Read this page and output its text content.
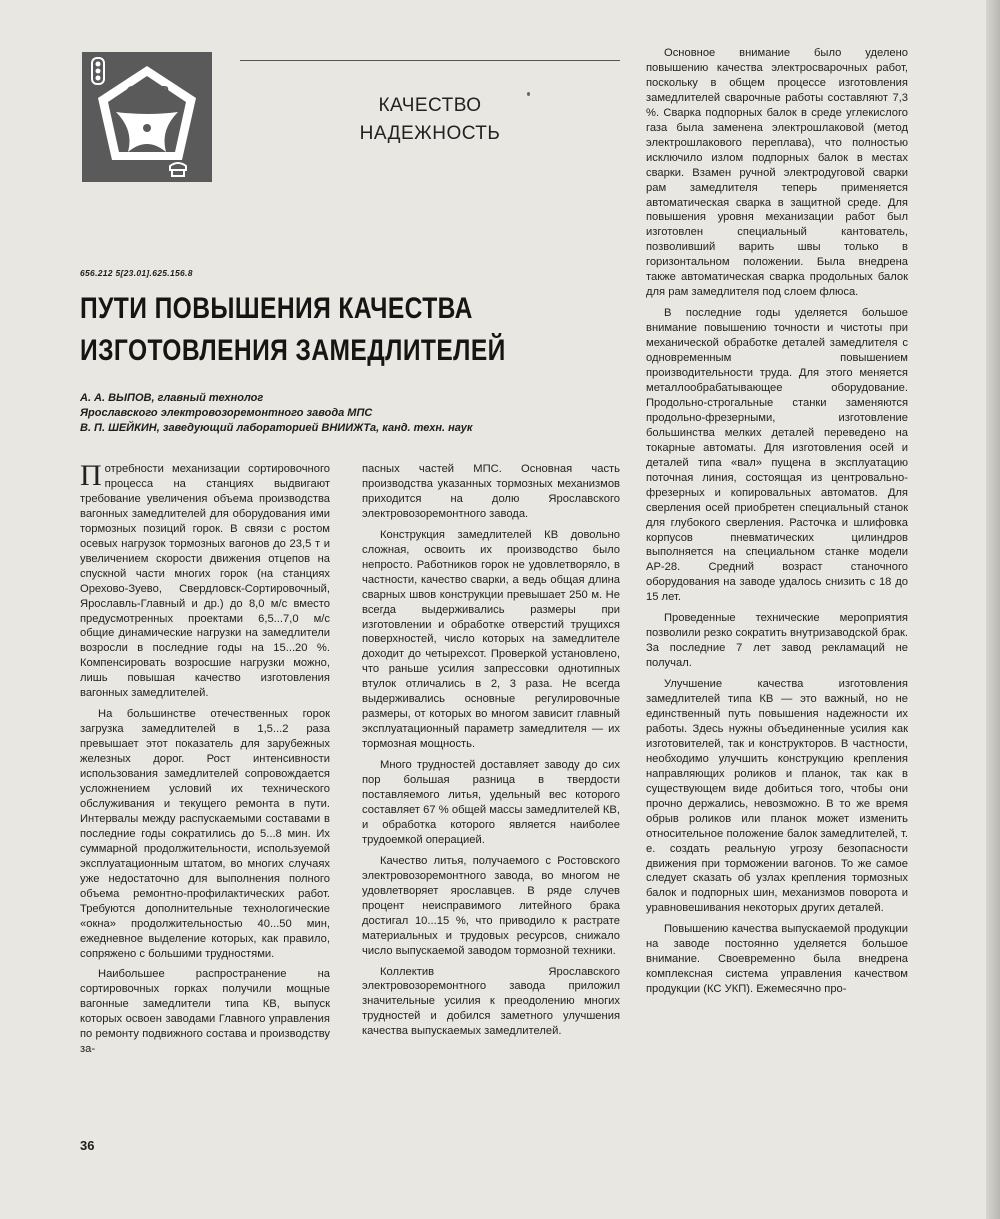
СССР
КАЧЕСТВО
НАДЕЖНОСТЬ
656.212 5[23.01].625.156.8
ПУТИ ПОВЫШЕНИЯ КАЧЕСТВА
ИЗГОТОВЛЕНИЯ ЗАМЕДЛИТЕЛЕЙ
А. А. ВЫПОВ, главный технолог
Ярославского электровозоремонтного завода МПС
В. П. ШЕЙКИН, заведующий лабораторией ВНИИЖТа, канд. техн. наук

Потребности механизации сортировочного процесса на станциях выдвигают требование увеличения объема производства вагонных замедлителей для оборудования ими тормозных позиций горок. В связи с ростом осевых нагрузок тормозных вагонов до 23,5 т и увеличением скорости движения отцепов на спускной части многих горок (на станциях Орехово-Зуево, Свердловск-Сортировочный, Ярославль-Главный и др.) до 8,0 м/с вместо предусмотренных проектами 6,5...7,0 м/с общие динамические нагрузки на замедлители возросли в последние годы на 15...20 %. Компенсировать возросшие нагрузки можно, лишь повышая качество изготовления вагонных замедлителей.

На большинстве отечественных горок загрузка замедлителей в 1,5...2 раза превышает этот показатель для зарубежных железных дорог. Рост интенсивности использования замедлителей сопровождается усложнением условий их технического обслуживания и текущего ремонта в пути. Интервалы между распускаемыми составами в последние годы сократились до 5...8 мин. Их суммарной продолжительности, используемой эксплуатационным штатом, во многих случаях уже недостаточно для выполнения полного объема ремонтно-профилактических работ. Требуются дополнительные технологические «окна» продолжительностью 40...50 мин, ежедневное выделение которых, как правило, сопряжено с большими трудностями.

Наибольшее распространение на сортировочных горках получили мощные вагонные замедлители типа КВ, выпуск которых освоен заводами Главного управления по ремонту подвижного состава и производству за-

пасных частей МПС. Основная часть производства указанных тормозных механизмов приходится на долю Ярославского электровозоремонтного завода.

Конструкция замедлителей КВ довольно сложная, освоить их производство было непросто. Работников горок не удовлетворяло, в частности, качество сварки, а ведь общая длина сварных швов конструкции превышает 250 м. Не всегда выдерживались размеры при изготовлении и обработке отверстий трущихся поверхностей, число которых на замедлителе доходит до четырехсот. Проверкой установлено, что раньше усилия запрессовки однотипных втулок отличались в 2, 3 раза. Не всегда выдерживались основные регулировочные размеры, от которых во многом зависит главный эксплуатационный параметр замедлителя — их тормозная мощность.

Много трудностей доставляет заводу до сих пор большая разница в твердости поставляемого литья, удельный вес которого составляет 67 % общей массы замедлителей КВ, и обработка которого является наиболее трудоемкой операцией.

Качество литья, получаемого с Ростовского электровозоремонтного завода, во многом не удовлетворяет ярославцев. В ряде случев процент неисправимого литейного брака достигал 10...15 %, что приводило к растрате материальных и трудовых ресурсов, снижало число выпускаемой заводом тормозной техники.

Коллектив Ярославского электровозоремонтного завода приложил значительные усилия к преодолению многих трудностей и добился заметного улучшения качества выпускаемых замедлителей.

Основное внимание было уделено повышению качества электросварочных работ, поскольку в общем процессе изготовления замедлителей сварочные работы составляют 7,3 %. Сварка подпорных балок в среде углекислого газа была заменена электрошлаковой (метод электрошлакового переплава), что полностью исключило излом подпорных балок в местах сварки. Взамен ручной электродуговой сварки рам замедлителя теперь применяется автоматическая сварка в защитной среде. Для повышения уровня механизации работ был изготовлен специальный кантователь, позволивший варить швы только в горизонтальном положении. Была внедрена также автоматическая сварка продольных балок для рам замедлителя под слоем флюса.

В последние годы уделяется большое внимание повышению точности и чистоты при механической обработке деталей замедлителя с одновременным повышением производительности труда. Для этого меняется металлообрабатывающее оборудование. Продольно-строгальные станки заменяются продольно-фрезерными, изготовление большинства мелких деталей переведено на токарные автоматы. Для изготовления осей и деталей типа «вал» пущена в эксплуатацию поточная линия, состоящая из центровально-фрезерных и копировальных автоматов. Для сверления осей приобретен специальный станок для глубокого сверления. Расточка и шлифовка корпусов пневматических цилиндров выполняется на специальном станке модели АР-28. Средний возраст станочного оборудования на заводе удалось снизить с 18 до 15 лет.

Проведенные технические мероприятия позволили резко сократить внутризаводской брак. За последние 7 лет завод рекламаций не получал.

Улучшение качества изготовления замедлителей типа КВ — это важный, но не единственный путь повышения надежности их работы. Здесь нужны объединенные усилия как изготовителей, так и конструкторов. В частности, необходимо улучшить конструкцию крепления направляющих роликов и планок, так как в существующем виде добиться того, чтобы они прочно держались, невозможно. В то же время обрыв роликов или планок может изменить относительное положение балок замедлителей, т. е. создать реальную угрозу безопасности движения при торможении вагонов. То же самое следует сказать об узлах крепления тормозных балок и подпорных шин, механизмов поворота и уравновешивания некоторых других деталей.

Повышению качества выпускаемой продукции на заводе постоянно уделяется большое внимание. Своевременно была внедрена комплексная система управления качеством продукции (КС УКП). Ежемесячно про-

36
